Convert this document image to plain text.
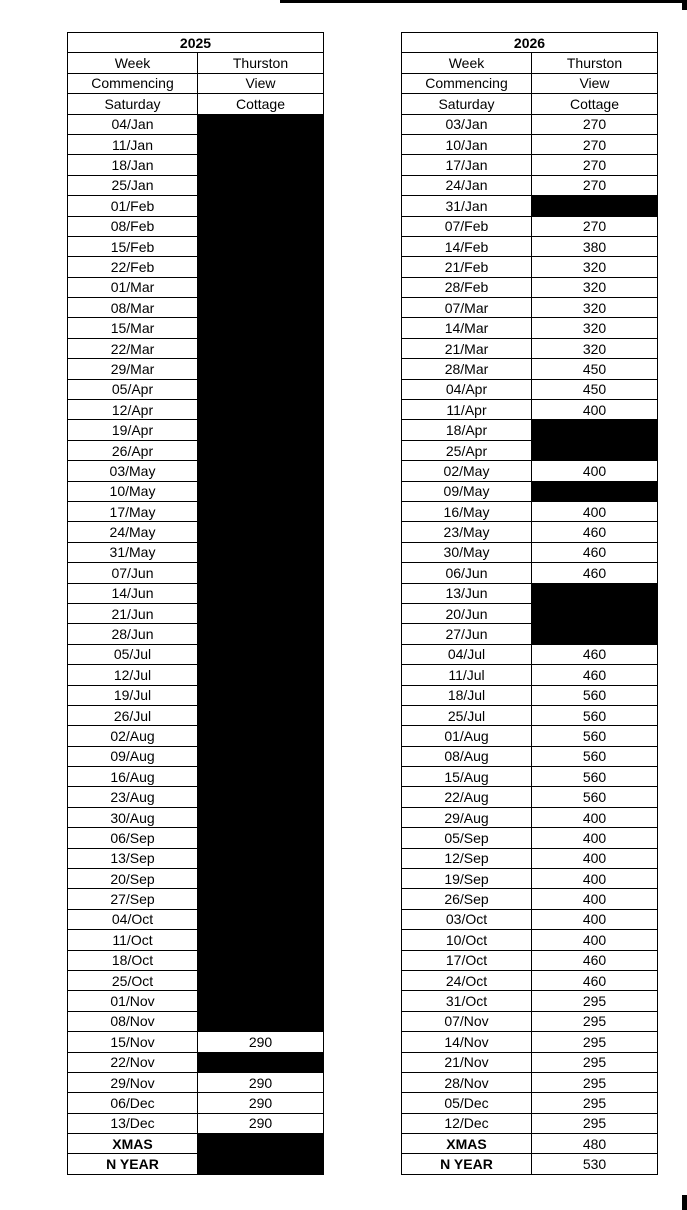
2025	
Week	Thurston
Commencing	View
Saturday	Cottage
04/Jan	
11/Jan	
18/Jan	
25/Jan	
01/Feb	
08/Feb	
15/Feb	
22/Feb	
01/Mar	
08/Mar	
15/Mar	
22/Mar	
29/Mar	
05/Apr	
12/Apr	
19/Apr	
26/Apr	
03/May	
10/May	
17/May	
24/May	
31/May	
07/Jun	
14/Jun	
21/Jun	
28/Jun	
05/Jul	
12/Jul	
19/Jul	
26/Jul	
02/Aug	
09/Aug	
16/Aug	
23/Aug	
30/Aug	
06/Sep	
13/Sep	
20/Sep	
27/Sep	
04/Oct	
11/Oct	
18/Oct	
25/Oct	
01/Nov	
08/Nov	
15/Nov	290
22/Nov	
29/Nov	290
06/Dec	290
13/Dec	290
XMAS	
N YEAR	
2026	
Week	Thurston
Commencing	View
Saturday	Cottage
03/Jan	270
10/Jan	270
17/Jan	270
24/Jan	270
31/Jan	
07/Feb	270
14/Feb	380
21/Feb	320
28/Feb	320
07/Mar	320
14/Mar	320
21/Mar	320
28/Mar	450
04/Apr	450
11/Apr	400
18/Apr	
25/Apr	
02/May	400
09/May	
16/May	400
23/May	460
30/May	460
06/Jun	460
13/Jun	
20/Jun	
27/Jun	
04/Jul	460
11/Jul	460
18/Jul	560
25/Jul	560
01/Aug	560
08/Aug	560
15/Aug	560
22/Aug	560
29/Aug	400
05/Sep	400
12/Sep	400
19/Sep	400
26/Sep	400
03/Oct	400
10/Oct	400
17/Oct	460
24/Oct	460
31/Oct	295
07/Nov	295
14/Nov	295
21/Nov	295
28/Nov	295
05/Dec	295
12/Dec	295
XMAS	480
N YEAR	530
